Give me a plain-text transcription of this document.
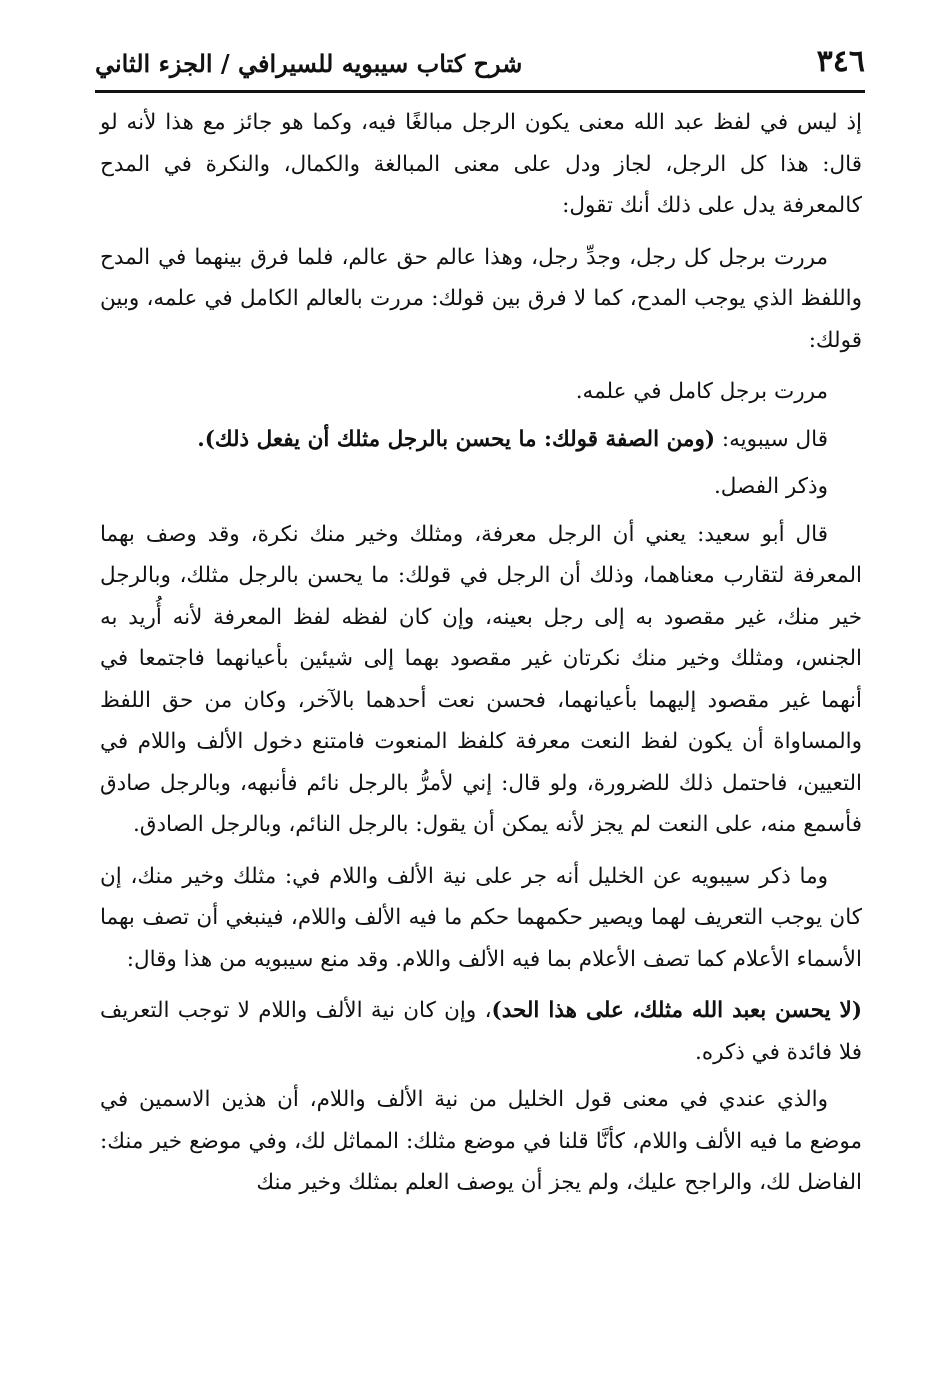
٣٤٦
شرح كتاب سيبويه للسيرافي / الجزء الثاني

إذ ليس في لفظ عبد الله معنى يكون الرجل مبالغًا فيه، وكما هو جائز مع هذا لأنه لو قال: هذا كل الرجل، لجاز ودل على معنى المبالغة والكمال، والنكرة في المدح كالمعرفة يدل على ذلك أنك تقول:

مررت برجل كل رجل، وجدِّ رجل، وهذا عالم حق عالم، فلما فرق بينهما في المدح واللفظ الذي يوجب المدح، كما لا فرق بين قولك: مررت بالعالم الكامل في علمه، وبين قولك:

مررت برجل كامل في علمه.

قال سيبويه: (ومن الصفة قولك: ما يحسن بالرجل مثلك أن يفعل ذلك).

وذكر الفصل.

قال أبو سعيد: يعني أن الرجل معرفة، ومثلك وخير منك نكرة، وقد وصف بهما المعرفة لتقارب معناهما، وذلك أن الرجل في قولك: ما يحسن بالرجل مثلك، وبالرجل خير منك، غير مقصود به إلى رجل بعينه، وإن كان لفظه لفظ المعرفة لأنه أُريد به الجنس، ومثلك وخير منك نكرتان غير مقصود بهما إلى شيئين بأعيانهما فاجتمعا في أنهما غير مقصود إليهما بأعيانهما، فحسن نعت أحدهما بالآخر، وكان من حق اللفظ والمساواة أن يكون لفظ النعت معرفة كلفظ المنعوت فامتنع دخول الألف واللام في التعيين، فاحتمل ذلك للضرورة، ولو قال: إني لأمرُّ بالرجل نائم فأنبهه، وبالرجل صادق فأسمع منه، على النعت لم يجز لأنه يمكن أن يقول: بالرجل النائم، وبالرجل الصادق.

وما ذكر سيبويه عن الخليل أنه جر على نية الألف واللام في: مثلك وخير منك، إن كان يوجب التعريف لهما ويصير حكمهما حكم ما فيه الألف واللام، فينبغي أن تصف بهما الأسماء الأعلام كما تصف الأعلام بما فيه الألف واللام. وقد منع سيبويه من هذا وقال:

(لا يحسن بعبد الله مثلك، على هذا الحد)، وإن كان نية الألف واللام لا توجب التعريف فلا فائدة في ذكره.

والذي عندي في معنى قول الخليل من نية الألف واللام، أن هذين الاسمين في موضع ما فيه الألف واللام، كأنَّا قلنا في موضع مثلك: المماثل لك، وفي موضع خير منك: الفاضل لك، والراجح عليك، ولم يجز أن يوصف العلم بمثلك وخير منك
